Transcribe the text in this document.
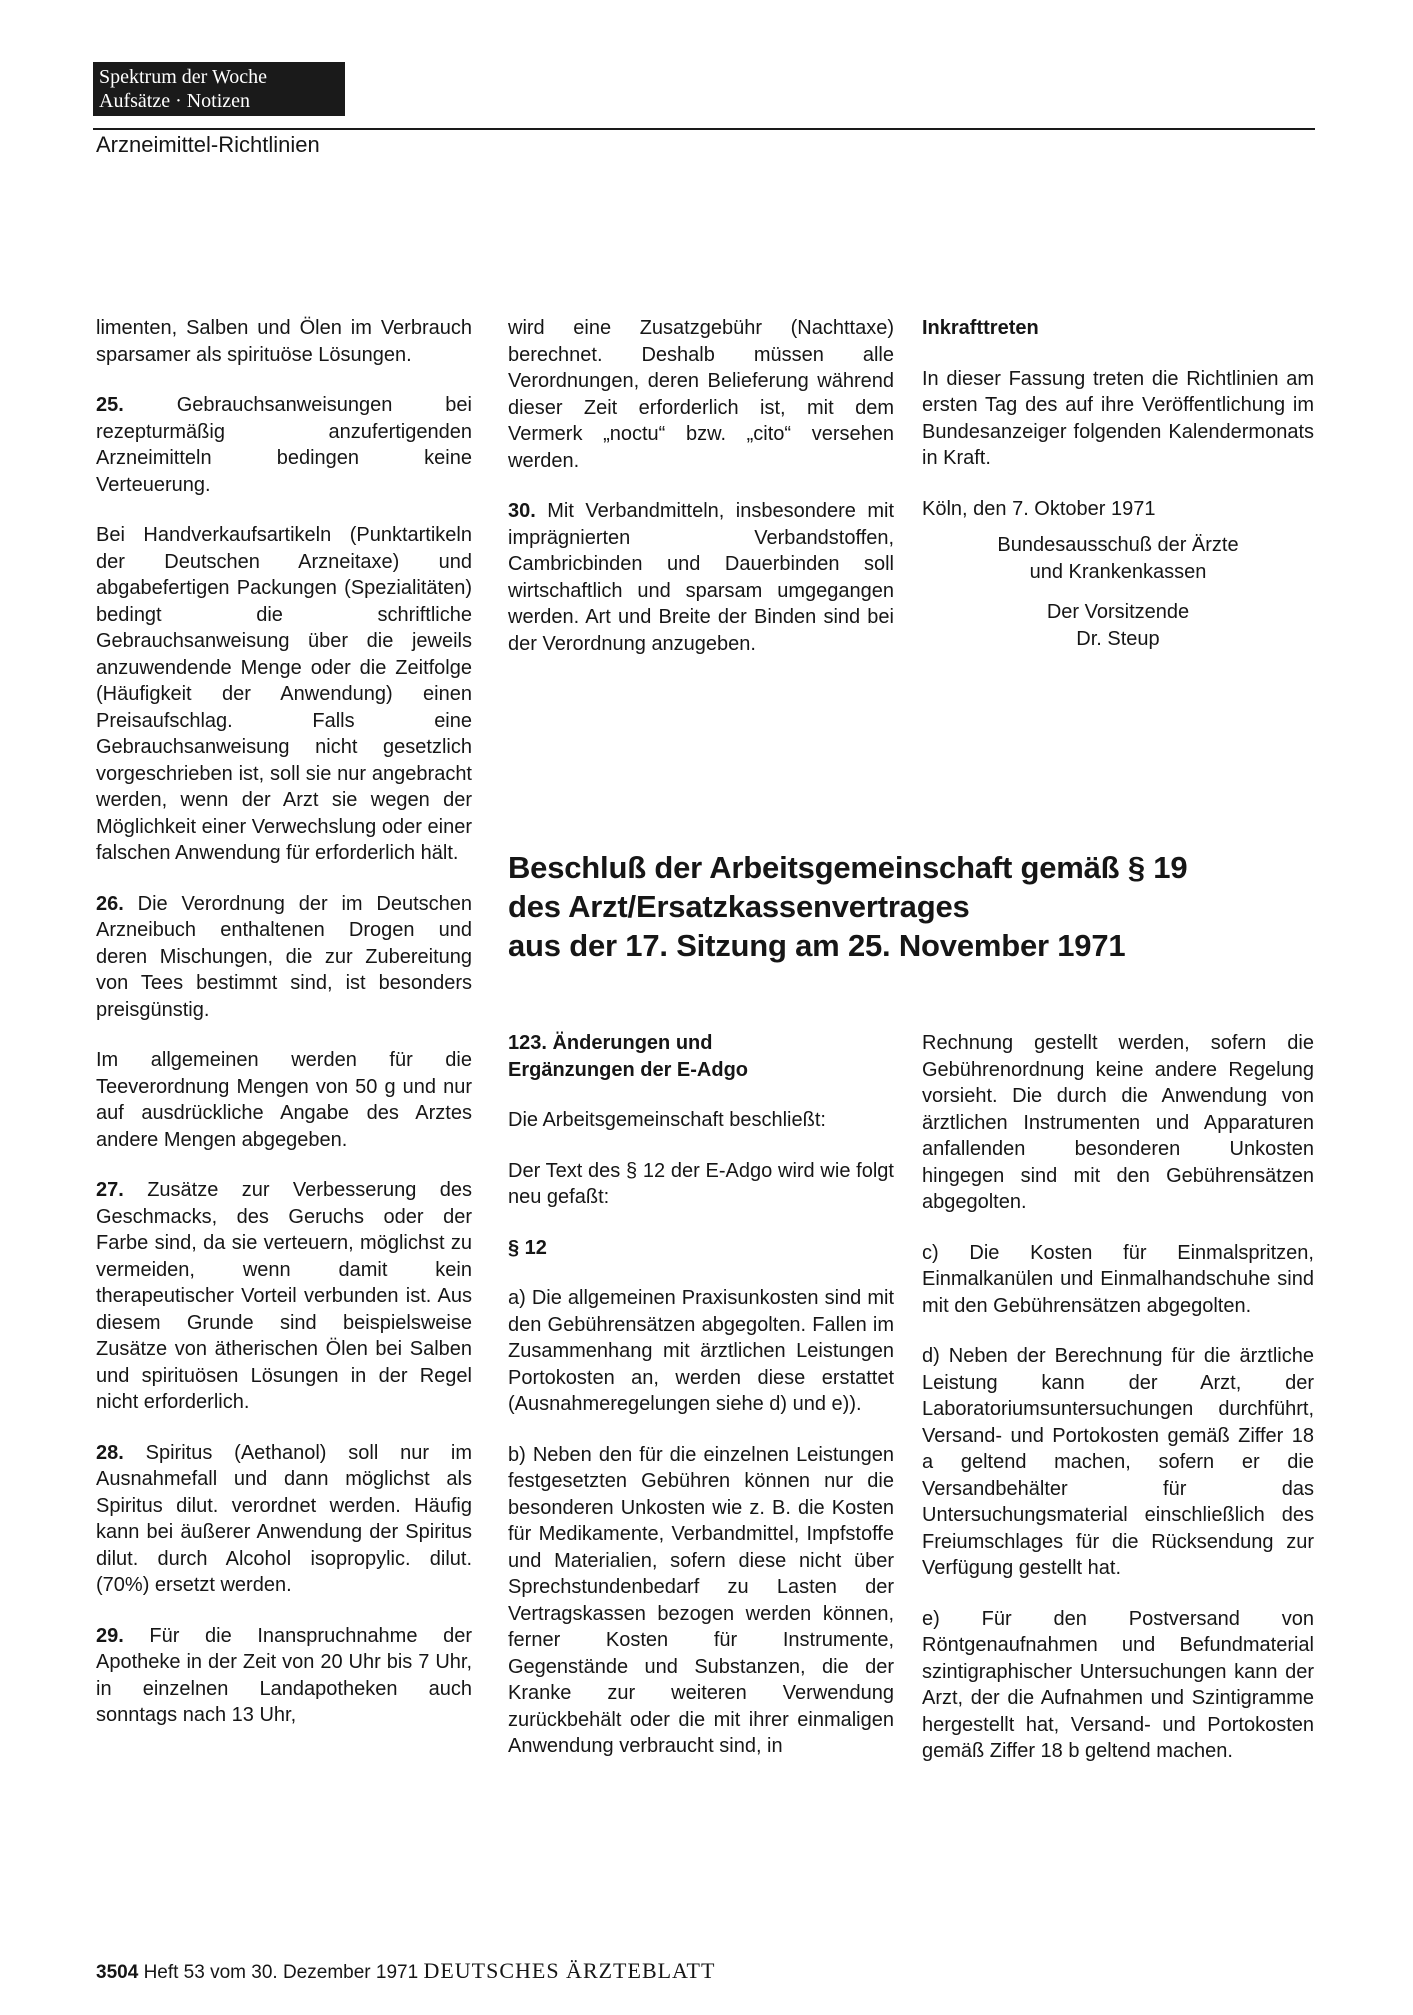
Spektrum der Woche
Aufsätze · Notizen
Arzneimittel-Richtlinien

limenten, Salben und Ölen im Verbrauch sparsamer als spirituöse Lösungen.

25. Gebrauchsanweisungen bei rezepturmäßig anzufertigenden Arzneimitteln bedingen keine Verteuerung.

Bei Handverkaufsartikeln (Punktartikeln der Deutschen Arzneitaxe) und abgabefertigen Packungen (Spezialitäten) bedingt die schriftliche Gebrauchsanweisung über die jeweils anzuwendende Menge oder die Zeitfolge (Häufigkeit der Anwendung) einen Preisaufschlag. Falls eine Gebrauchsanweisung nicht gesetzlich vorgeschrieben ist, soll sie nur angebracht werden, wenn der Arzt sie wegen der Möglichkeit einer Verwechslung oder einer falschen Anwendung für erforderlich hält.

26. Die Verordnung der im Deutschen Arzneibuch enthaltenen Drogen und deren Mischungen, die zur Zubereitung von Tees bestimmt sind, ist besonders preisgünstig.

Im allgemeinen werden für die Teeverordnung Mengen von 50 g und nur auf ausdrückliche Angabe des Arztes andere Mengen abgegeben.

27. Zusätze zur Verbesserung des Geschmacks, des Geruchs oder der Farbe sind, da sie verteuern, möglichst zu vermeiden, wenn damit kein therapeutischer Vorteil verbunden ist. Aus diesem Grunde sind beispielsweise Zusätze von ätherischen Ölen bei Salben und spirituösen Lösungen in der Regel nicht erforderlich.

28. Spiritus (Aethanol) soll nur im Ausnahmefall und dann möglichst als Spiritus dilut. verordnet werden. Häufig kann bei äußerer Anwendung der Spiritus dilut. durch Alcohol isopropylic. dilut. (70%) ersetzt werden.

29. Für die Inanspruchnahme der Apotheke in der Zeit von 20 Uhr bis 7 Uhr, in einzelnen Landapotheken auch sonntags nach 13 Uhr,

wird eine Zusatzgebühr (Nachttaxe) berechnet. Deshalb müssen alle Verordnungen, deren Belieferung während dieser Zeit erforderlich ist, mit dem Vermerk „noctu“ bzw. „cito“ versehen werden.

30. Mit Verbandmitteln, insbesondere mit imprägnierten Verbandstoffen, Cambricbinden und Dauerbinden soll wirtschaftlich und sparsam umgegangen werden. Art und Breite der Binden sind bei der Verordnung anzugeben.

Inkrafttreten

In dieser Fassung treten die Richtlinien am ersten Tag des auf ihre Veröffentlichung im Bundesanzeiger folgenden Kalendermonats in Kraft.

Köln, den 7. Oktober 1971

Bundesausschuß der Ärzte
und Krankenkassen
Der Vorsitzende
Dr. Steup
Beschluß der Arbeitsgemeinschaft gemäß § 19
des Arzt/Ersatzkassenvertrages
aus der 17. Sitzung am 25. November 1971
123. Änderungen und
Ergänzungen der E-Adgo

Die Arbeitsgemeinschaft beschließt:

Der Text des § 12 der E-Adgo wird wie folgt neu gefaßt:

§ 12

a) Die allgemeinen Praxisunkosten sind mit den Gebührensätzen abgegolten. Fallen im Zusammenhang mit ärztlichen Leistungen Portokosten an, werden diese erstattet (Ausnahmeregelungen siehe d) und e)).

b) Neben den für die einzelnen Leistungen festgesetzten Gebühren können nur die besonderen Unkosten wie z. B. die Kosten für Medikamente, Verbandmittel, Impfstoffe und Materialien, sofern diese nicht über Sprechstundenbedarf zu Lasten der Vertragskassen bezogen werden können, ferner Kosten für Instrumente, Gegenstände und Substanzen, die der Kranke zur weiteren Verwendung zurückbehält oder die mit ihrer einmaligen Anwendung verbraucht sind, in

Rechnung gestellt werden, sofern die Gebührenordnung keine andere Regelung vorsieht. Die durch die Anwendung von ärztlichen Instrumenten und Apparaturen anfallenden besonderen Unkosten hingegen sind mit den Gebührensätzen abgegolten.

c) Die Kosten für Einmalspritzen, Einmalkanülen und Einmalhandschuhe sind mit den Gebührensätzen abgegolten.

d) Neben der Berechnung für die ärztliche Leistung kann der Arzt, der Laboratoriumsuntersuchungen durchführt, Versand- und Portokosten gemäß Ziffer 18 a geltend machen, sofern er die Versandbehälter für das Untersuchungsmaterial einschließlich des Freiumschlages für die Rücksendung zur Verfügung gestellt hat.

e) Für den Postversand von Röntgenaufnahmen und Befundmaterial szintigraphischer Untersuchungen kann der Arzt, der die Aufnahmen und Szintigramme hergestellt hat, Versand- und Portokosten gemäß Ziffer 18 b geltend machen.

3504 Heft 53 vom 30. Dezember 1971 DEUTSCHES ÄRZTEBLATT
